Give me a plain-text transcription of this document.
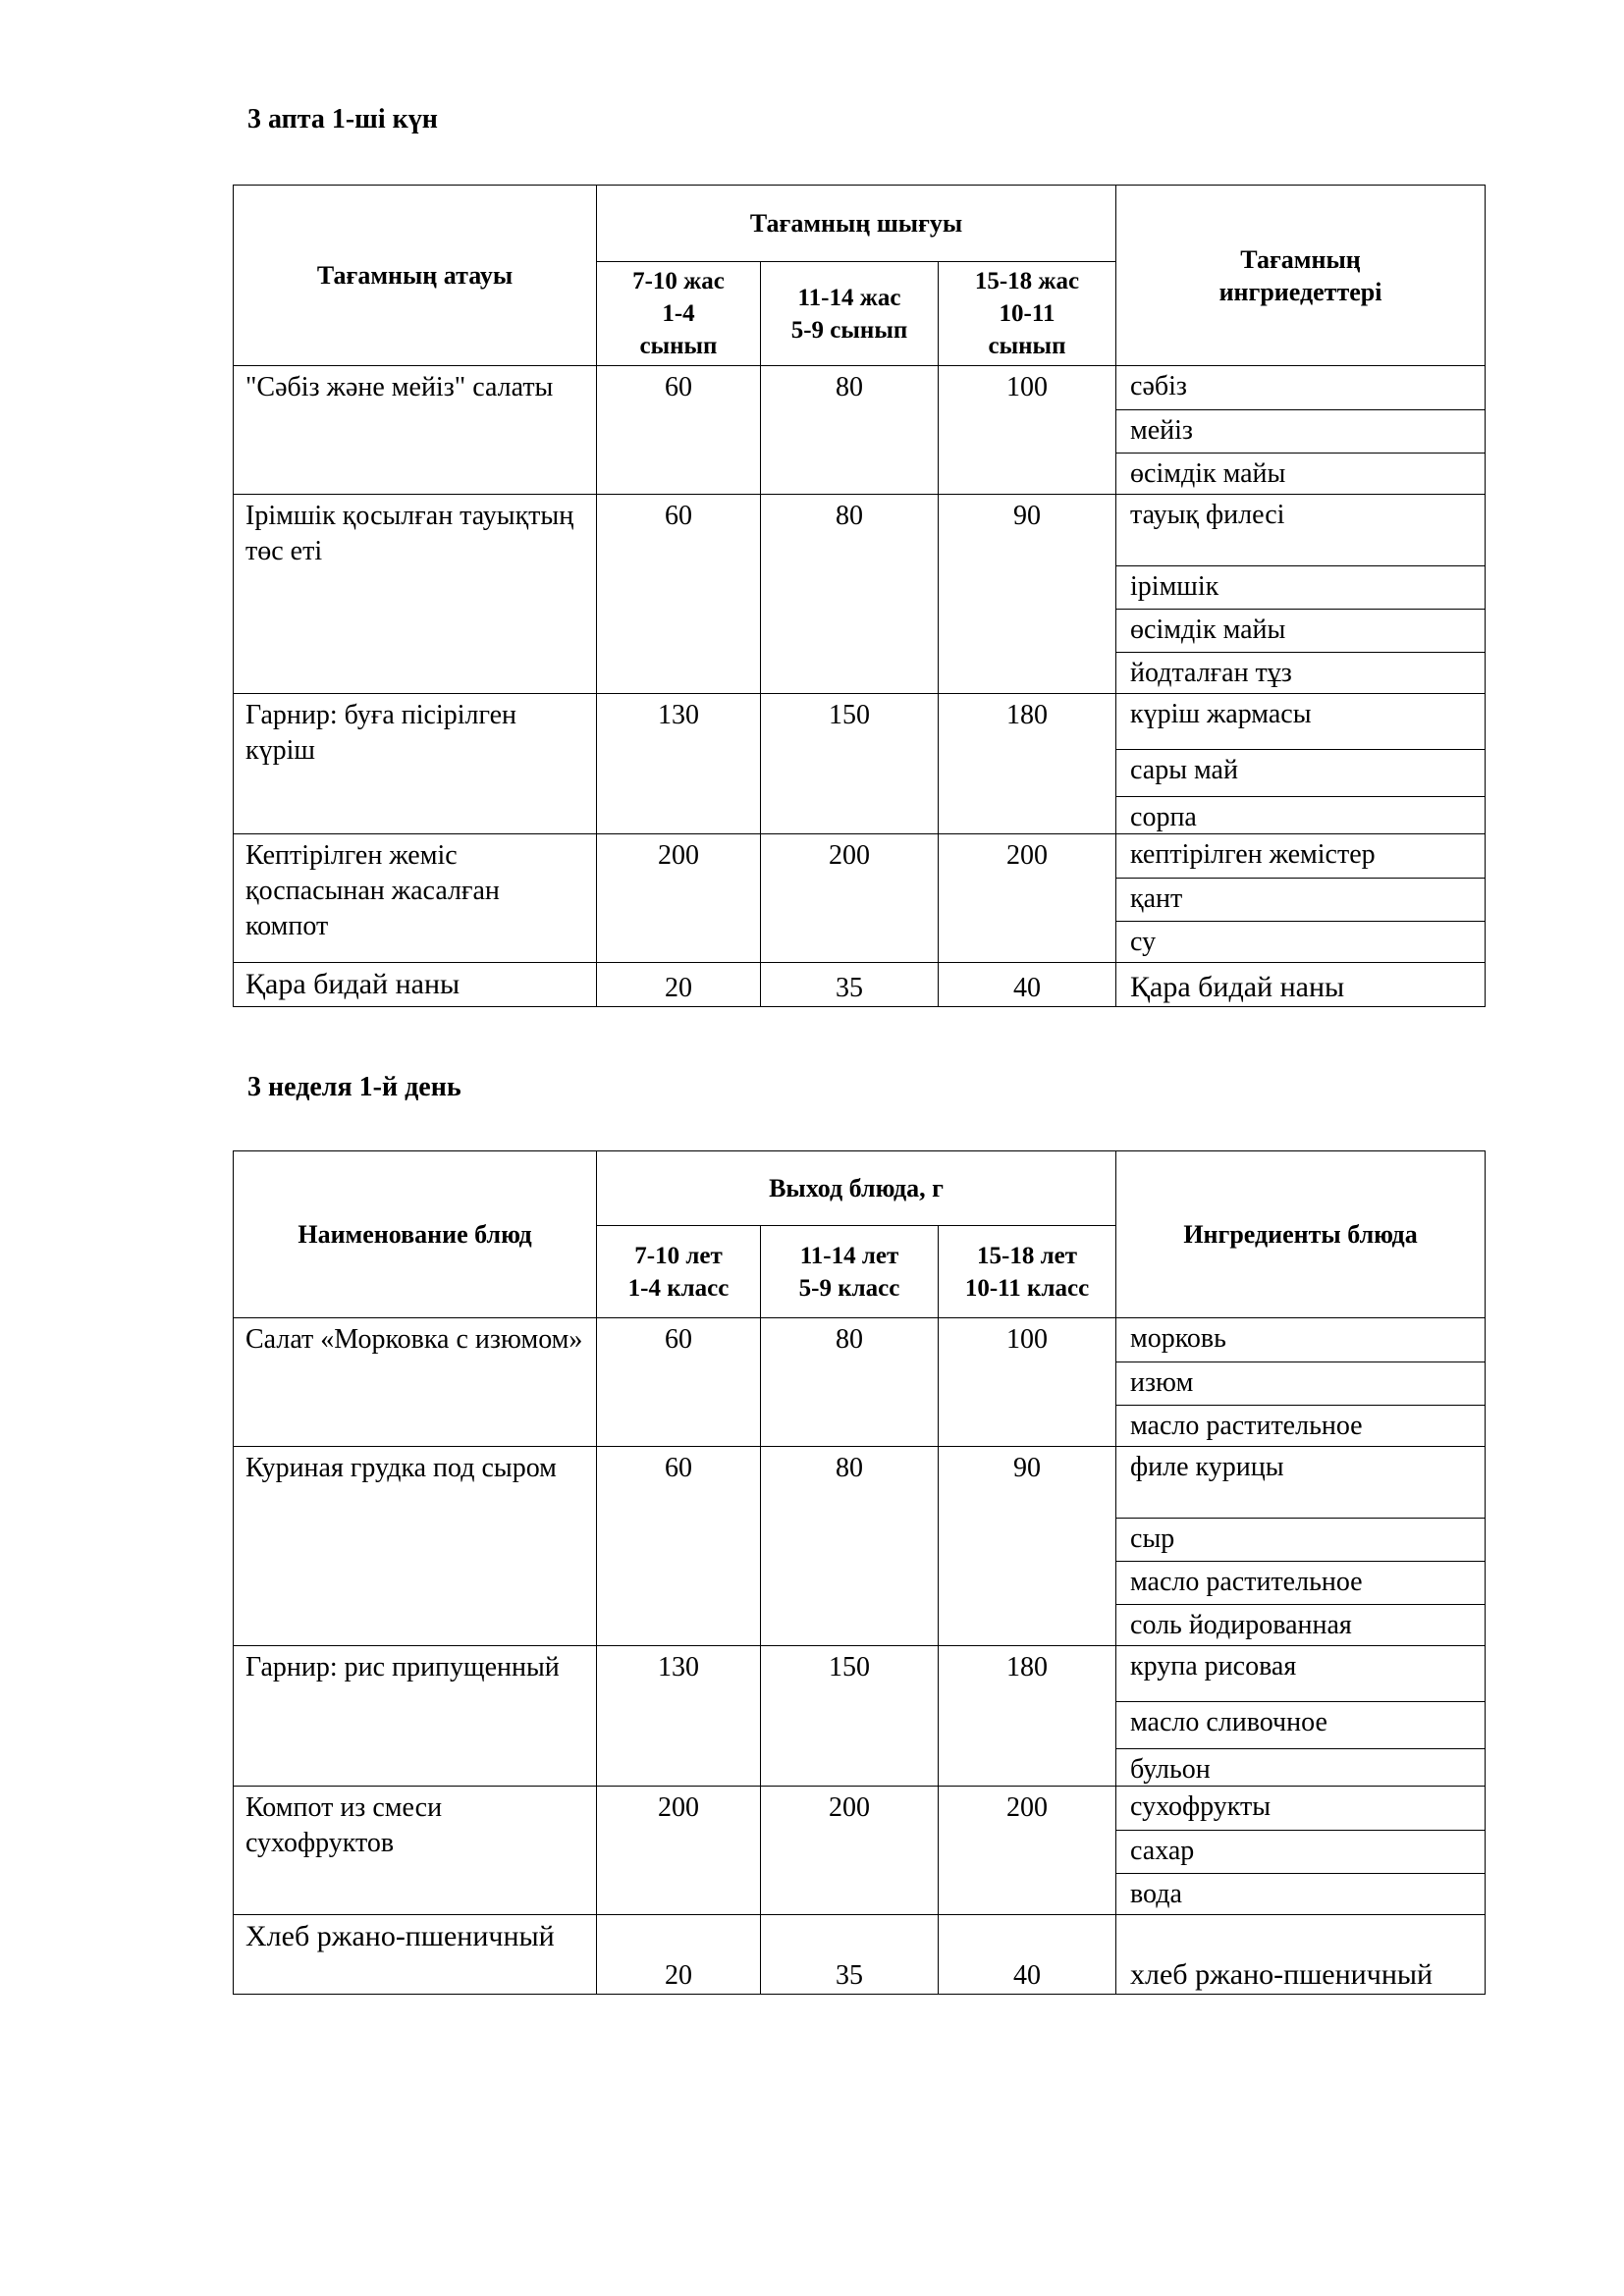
3 апта 1-ші күн
Тағамның атауы	Тағамның шығуы			Тағамның
ингриедеттері
	7-10 жас
1-4
сынып	11-14 жас
5-9 сынып	15-18 жас
10-11
сынып	
"Сәбіз және мейіз" салаты	60	80	100	сәбіз
мейіз
өсімдік майы

Ірімшік қосылған тауықтың төс еті	60	80	90	тауық филесі
ірімшік
өсімдік майы
йодталған тұз

Гарнир: буға пісірілген күріш	130	150	180	күріш жармасы
сары май
сорпа

Кептірілген жеміс қоспасынан жасалған компот	200	200	200	кептірілген жемістер
қант
су

Қара бидай наны	20	35	40	Қара бидай наны
3 неделя 1-й день
Наименование блюд	Выход блюда, г			Ингредиенты блюда
	7-10 лет
1-4 класс	11-14 лет
5-9 класс	15-18 лет
10-11 класс	
Салат «Морковка с изюмом»	60	80	100	морковь
изюм
масло растительное

Куриная грудка под сыром	60	80	90	филе курицы
сыр
масло растительное
соль йодированная

Гарнир: рис припущенный	130	150	180	крупа рисовая
масло сливочное
бульон

Компот из смеси сухофруктов	200	200	200	сухофрукты
сахар
вода

Хлеб ржано-пшеничный	20	35	40	хлеб ржано-пшеничный
